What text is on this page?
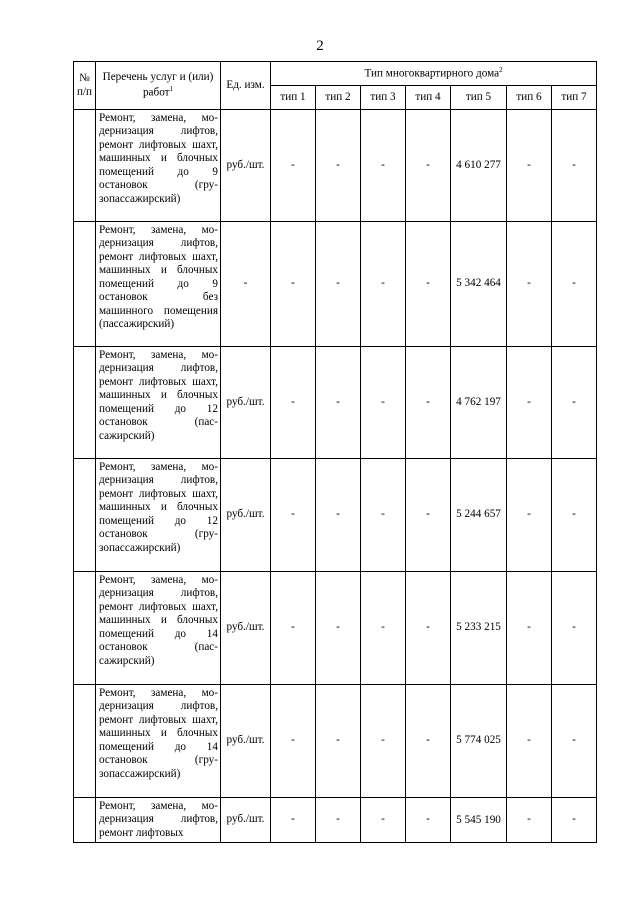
2
№ п/п	Перечень услуг и (или) работ$^1$	Ед. изм.	Тип многоквартирного дома$^2$
			тип 1	тип 2	тип 3	тип 4	тип 5	тип 6	тип 7
	Ремонт, замена, модернизация лифтов, ремонт лифтовых шахт, машинных и блочных помещений до 9 остановок (грузопассажирский)	руб./шт.	-	-	-	-	4 610 277	-	-
	Ремонт, замена, модернизация лифтов, ремонт лифтовых шахт, машинных и блочных помещений до 9 остановок без машинного помещения (пассажирский)	-	-	-	-	-	5 342 464	-	-
	Ремонт, замена, модернизация лифтов, ремонт лифтовых шахт, машинных и блочных помещений до 12 остановок (пассажирский)	руб./шт.	-	-	-	-	4 762 197	-	-
	Ремонт, замена, модернизация лифтов, ремонт лифтовых шахт, машинных и блочных помещений до 12 остановок (грузопассажирский)	руб./шт.	-	-	-	-	5 244 657	-	-
	Ремонт, замена, модернизация лифтов, ремонт лифтовых шахт, машинных и блочных помещений до 14 остановок (пассажирский)	руб./шт.	-	-	-	-	5 233 215	-	-
	Ремонт, замена, модернизация лифтов, ремонт лифтовых шахт, машинных и блочных помещений до 14 остановок (грузопассажирский)	руб./шт.	-	-	-	-	5 774 025	-	-
	Ремонт, замена, модернизация лифтов, ремонт лифтовых	руб./шт.	-	-	-	-	5 545 190	-	-
